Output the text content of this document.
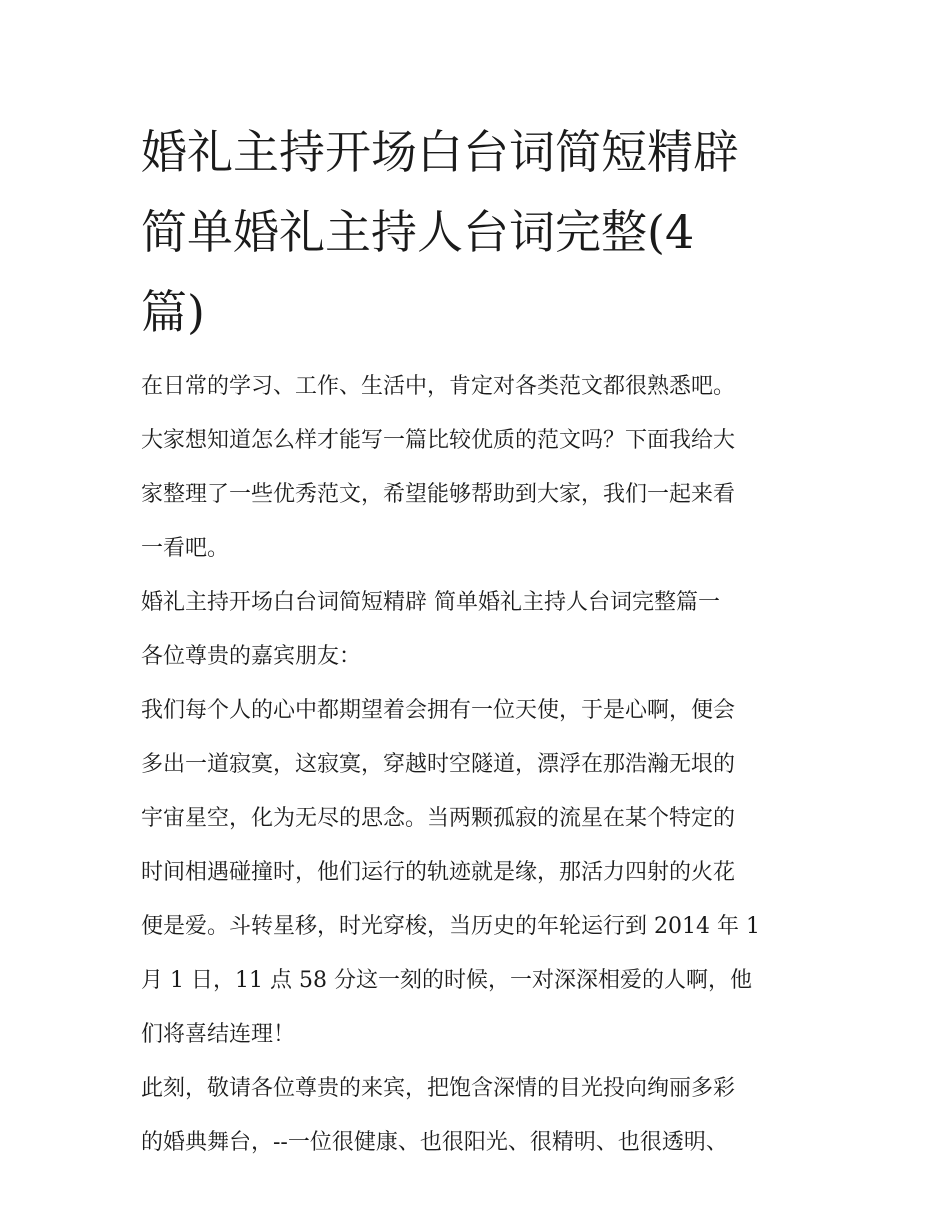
婚礼主持开场白台词简短精辟
简单婚礼主持人台词完整(4
篇)
在日常的学习、工作、生活中，肯定对各类范文都很熟悉吧。
大家想知道怎么样才能写一篇比较优质的范文吗？下面我给大
家整理了一些优秀范文，希望能够帮助到大家，我们一起来看
一看吧。
婚礼主持开场白台词简短精辟 简单婚礼主持人台词完整篇一
各位尊贵的嘉宾朋友：
我们每个人的心中都期望着会拥有一位天使，于是心啊，便会
多出一道寂寞，这寂寞，穿越时空隧道，漂浮在那浩瀚无垠的
宇宙星空，化为无尽的思念。当两颗孤寂的流星在某个特定的
时间相遇碰撞时，他们运行的轨迹就是缘，那活力四射的火花
便是爱。斗转星移，时光穿梭，当历史的年轮运行到 2014 年 1
月 1 日，11 点 58 分这一刻的时候，一对深深相爱的人啊，他
们将喜结连理！
此刻，敬请各位尊贵的来宾，把饱含深情的目光投向绚丽多彩
的婚典舞台，--一位很健康、也很阳光、很精明、也很透明、
